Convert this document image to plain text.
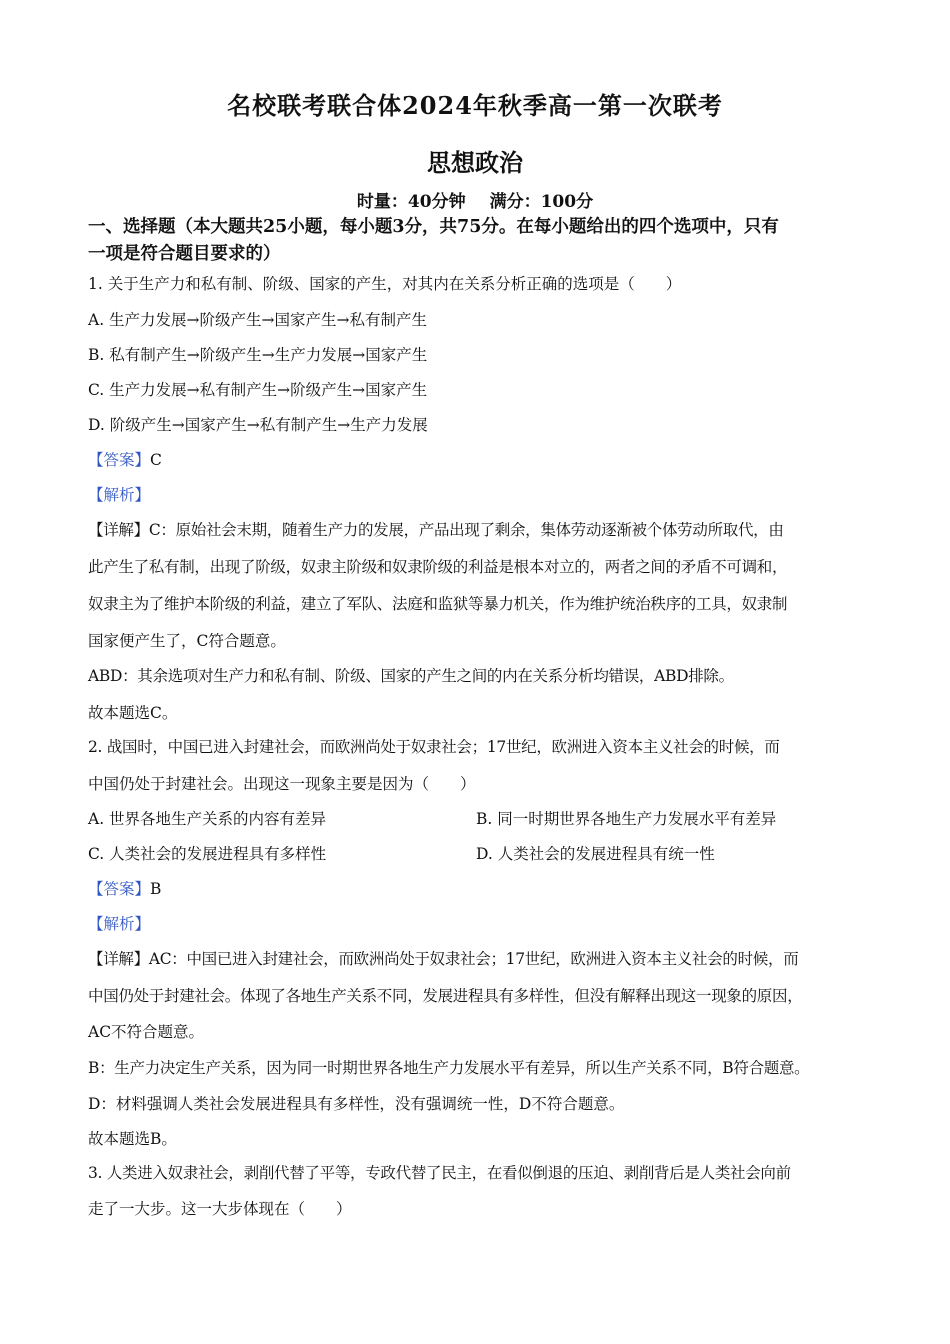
名校联考联合体2024年秋季高一第一次联考
思想政治
时量：40分钟 满分：100分
一、选择题（本大题共25小题，每小题3分，共75分。在每小题给出的四个选项中，只有
一项是符合题目要求的）
1. 关于生产力和私有制、阶级、国家的产生，对其内在关系分析正确的选项是（　　）
A. 生产力发展→阶级产生→国家产生→私有制产生
B. 私有制产生→阶级产生→生产力发展→国家产生
C. 生产力发展→私有制产生→阶级产生→国家产生
D. 阶级产生→国家产生→私有制产生→生产力发展
【答案】C
【解析】
【详解】C：原始社会末期，随着生产力的发展，产品出现了剩余，集体劳动逐渐被个体劳动所取代，由
此产生了私有制，出现了阶级，奴隶主阶级和奴隶阶级的利益是根本对立的，两者之间的矛盾不可调和，
奴隶主为了维护本阶级的利益，建立了军队、法庭和监狱等暴力机关，作为维护统治秩序的工具，奴隶制
国家便产生了，C符合题意。
ABD：其余选项对生产力和私有制、阶级、国家的产生之间的内在关系分析均错误，ABD排除。
故本题选C。
2. 战国时，中国已进入封建社会，而欧洲尚处于奴隶社会；17世纪，欧洲进入资本主义社会的时候，而
中国仍处于封建社会。出现这一现象主要是因为（　　）
A. 世界各地生产关系的内容有差异	B. 同一时期世界各地生产力发展水平有差异
C. 人类社会的发展进程具有多样性	D. 人类社会的发展进程具有统一性
【答案】B
【解析】
【详解】AC：中国已进入封建社会，而欧洲尚处于奴隶社会；17世纪，欧洲进入资本主义社会的时候，而
中国仍处于封建社会。体现了各地生产关系不同，发展进程具有多样性，但没有解释出现这一现象的原因，
AC不符合题意。
B：生产力决定生产关系，因为同一时期世界各地生产力发展水平有差异，所以生产关系不同，B符合题意。
D：材料强调人类社会发展进程具有多样性，没有强调统一性，D不符合题意。
故本题选B。
3. 人类进入奴隶社会，剥削代替了平等，专政代替了民主，在看似倒退的压迫、剥削背后是人类社会向前
走了一大步。这一大步体现在（　　）
